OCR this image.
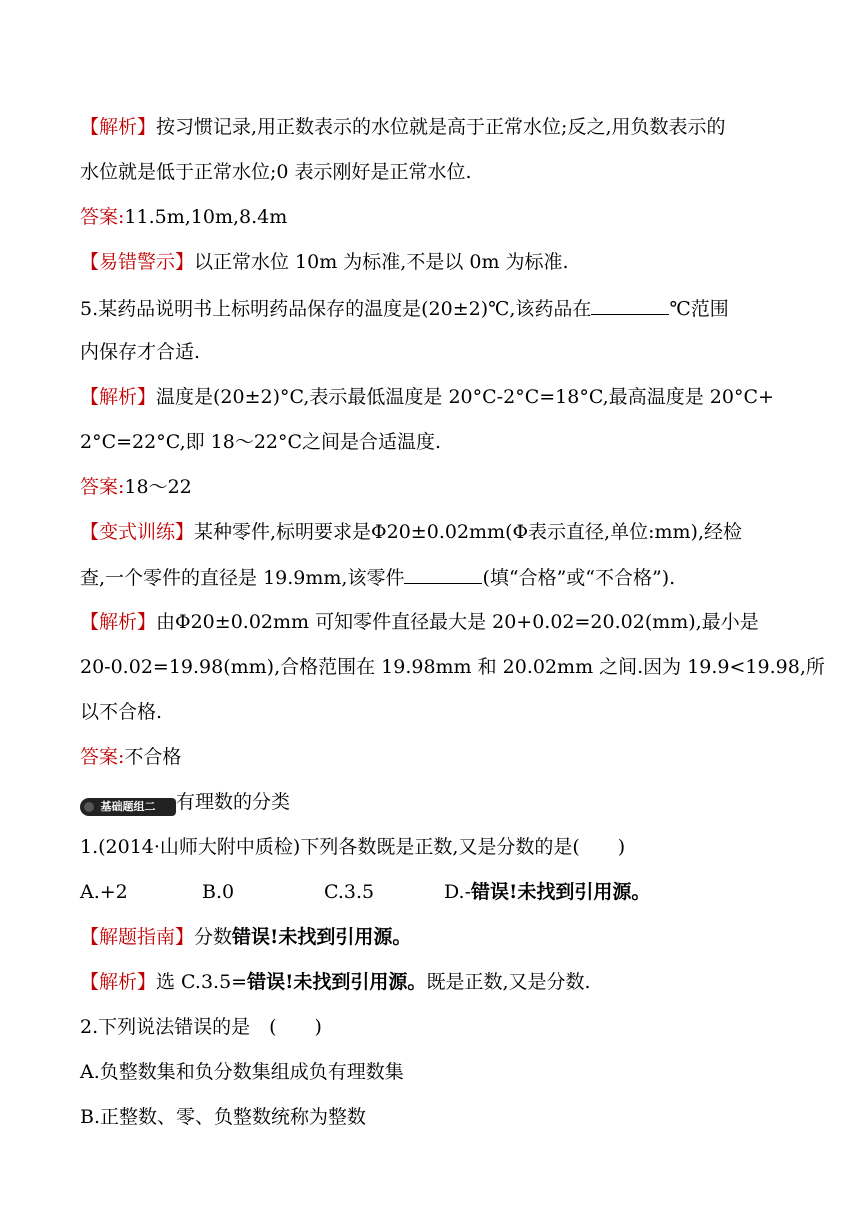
【解析】按习惯记录,用正数表示的水位就是高于正常水位;反之,用负数表示的
水位就是低于正常水位;0 表示刚好是正常水位.
答案:11.5m,10m,8.4m
【易错警示】以正常水位 10m 为标准,不是以 0m 为标准.
5.某药品说明书上标明药品保存的温度是(20±2)℃,该药品在	℃范围
内保存才合适.
【解析】温度是(20±2)°C,表示最低温度是 20°C-2°C=18°C,最高温度是 20°C+
2°C=22°C,即 18～22°C之间是合适温度.
答案:18～22
【变式训练】某种零件,标明要求是Φ20±0.02mm(Φ表示直径,单位:mm),经检
查,一个零件的直径是 19.9mm,该零件	(填“合格”或“不合格”).
【解析】由Φ20±0.02mm 可知零件直径最大是 20+0.02=20.02(mm),最小是
20-0.02=19.98(mm),合格范围在 19.98mm 和 20.02mm 之间.因为 19.9<19.98,所
以不合格.
答案:不合格
基础题组二 有理数的分类
1.(2014·山师大附中质检)下列各数既是正数,又是分数的是(　　)
A.+2	B.0	C.3.5	D.-错误!未找到引用源。
【解题指南】分数错误!未找到引用源。
【解析】选 C.3.5=错误!未找到引用源。既是正数,又是分数.
2.下列说法错误的是　(　　)
A.负整数集和负分数集组成负有理数集
B.正整数、零、负整数统称为整数
